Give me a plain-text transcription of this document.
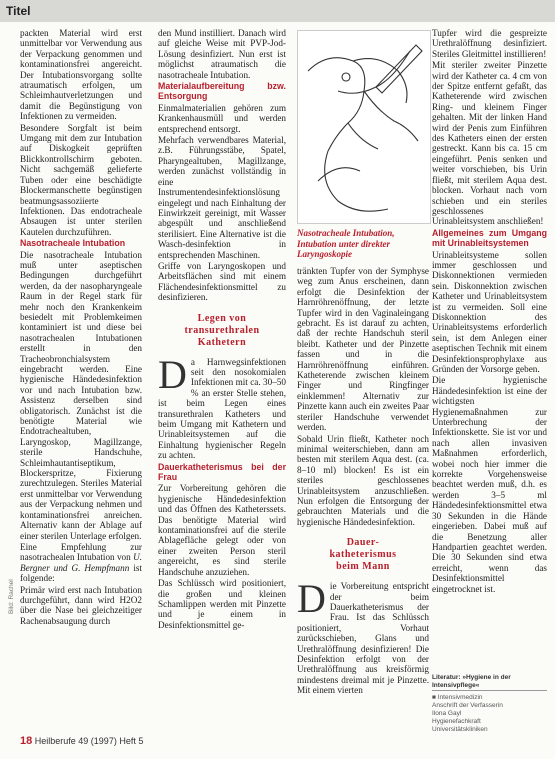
Titel

packten Material wird erst unmittelbar vor Verwendung aus der Verpackung genommen und kontaminationsfrei angereicht. Der Intubationsvorgang sollte atraumatisch erfolgen, um Schleimhautverletzungen und damit die Begünstigung von Infektionen zu vermeiden.

Besondere Sorgfalt ist beim Umgang mit dem zur Intubation auf Diskogkeit geprüften Blickkontrollschirm geboten. Nicht sachgemäß gelieferte Tuben oder eine beschädigte Blockermanschette begünstigen beatmungsassoziierte Infektionen. Das endotracheale Absaugen ist unter sterilen Kautelen durchzuführen.

Nasotracheale Intubation

Die nasotracheale Intubation muß unter aseptischen Bedingungen durchgeführt werden, da der nasopharyngeale Raum in der Regel stark für mehr noch den Krankenkeim besiedelt mit Problemkeimen kontaminiert ist und diese bei nasotrachealen Intubationen erstellt in den Tracheobronchialsystem eingebracht werden. Eine hygienische Händedesinfektion vor und nach Intubation bzw. Assistenz derselben sind obligatorisch. Zunächst ist die benötigte Material wie Endotrachealtuben, Laryngoskop, Magillzange, sterile Handschuhe, Schleimhautantiseptikum, Blockerspritze, Fixierung zurechtzulegen. Steriles Material erst unmittelbar vor Verwendung aus der Verpackung nehmen und kontaminationsfrei anreichen. Alternativ kann der Ablage auf einer sterilen Unterlage erfolgen.

Eine Empfehlung zur nasotrachealen Intubation von U. Bergner und G. Hempfmann ist folgende:

Primär wird erst nach Intubation durchgeführt, dann wird H2O2 über die Nase bei gleichzeitiger Rachenabsaugung durch

den Mund instilliert. Danach wird auf gleiche Weise mit PVP-Jod-Lösung desinfiziert. Nun erst ist möglichst atraumatisch die nasotracheale Intubation.

Materialaufbereitung bzw. Entsorgung

Einmalmaterialien gehören zum Krankenhausmüll und werden entsprechend entsorgt.

Mehrfach verwendbares Material, z.B. Führungsstäbe, Spatel, Pharyngealtuben, Magillzange, werden zunächst vollständig in eine Instrumentendesinfektionslösung eingelegt und nach Einhaltung der Einwirkzeit gereinigt, mit Wasser abgespült und anschließend sterilisiert. Eine Alternative ist die Wasch-desinfektion in entsprechenden Maschinen.

Griffe von Laryngoskopen und Arbeitsflächen sind mit einem Flächendesinfektionsmittel zu desinfizieren.

Legen von
transurethralen
Kathetern

Da Harnwegsinfektionen seit den nosokomialen Infektionen mit ca. 30–50 % an erster Stelle stehen, ist beim Legen eines transurethralen Katheters und beim Umgang mit Kathetern und Urinableitsystemen auf die Einhaltung hygienischer Regeln zu achten.

Dauerkatheterismus bei der Frau

Zur Vorbereitung gehören die hygienische Händedesinfektion und das Öffnen des Katheterssets. Das benötigte Material wird kontaminationsfrei auf die sterile Ablagefläche gelegt oder von einer zweiten Person steril angereicht, es sind sterile Handschuhe anzuziehen.

Das Schlüssch wird positioniert, die großen und kleinen Schamlippen werden mit Pinzette und je einem in Desinfektionsmittel ge-

Nasotracheale Intubation, Intubation unter direkter Laryngoskopie

tränkten Tupfer von der Symphyse weg zum Anus erscheinen, dann erfolgt die Desinfektion der Harnröhrenöffnung, der letzte Tupfer wird in den Vaginaleingang gebracht. Es ist darauf zu achten, daß der rechte Handschuh steril bleibt. Katheter und der Pinzette fassen und in die Harnröhrenöffnung einführen. Katheterende zwischen kleinem Finger und Ringfinger einklemmen! Alternativ zur Pinzette kann auch ein zweites Paar steriler Handschuhe verwendet werden.

Sobald Urin fließt, Katheter noch minimal weiterschieben, dann am besten mit sterilem Aqua dest. (ca. 8–10 ml) blocken! Es ist ein steriles geschlossenes Urinableitsystem anzuschließen. Nun erfolgen die Entsorgung der gebrauchten Materials und die hygienische Händedesinfektion.

Dauer-
katheterismus
beim Mann

Die Vorbereitung entspricht der beim Dauerkatheterismus der Frau. Ist das Schlüssch positioniert, Vorhaut zurückschieben, Glans und Urethralöffnung desinfizieren! Die Desinfektion erfolgt von der Urethralöffnung aus kreisförmig mindestens dreimal mit je Pinzette. Mit einem vierten

Tupfer wird die gespreizte Urethralöffnung desinfiziert. Steriles Gleitmittel instillieren!

Mit steriler zweiter Pinzette wird der Katheter ca. 4 cm von der Spitze entfernt gefaßt, das Katheterende wird zwischen Ring- und kleinem Finger gehalten. Mit der linken Hand wird der Penis zum Einführen des Katheters einen der ersten gestreckt. Kann bis ca. 15 cm eingeführt. Penis senken und weiter vorschieben, bis Urin fließt, mit sterilem Aqua dest. blocken. Vorhaut nach vorn schieben und ein steriles geschlossenes Urinableitsystem anschließen!

Allgemeines zum Umgang mit Urinableitsystemen

Urinableitsysteme sollen immer geschlossen und Diskonnektionen vermieden sein. Diskonnektion zwischen Katheter und Urinableitsystem ist zu vermeiden. Soll eine Diskonnektion des Urinableitsystems erforderlich sein, ist dem Anlegen einer aseptischen Technik mit einem Desinfektionsprophylaxe aus Gründen der Vorsorge geben.

Die hygienische Händedesinfektion ist eine der wichtigsten Hygienemaßnahmen zur Unterbrechung der Infektionskette. Sie ist vor und nach allen invasiven Maßnahmen erforderlich, wobei noch hier immer die korrekte Vorgehensweise beachtet werden muß, d.h. es werden 3–5 ml Händedesinfektionsmittel etwa 30 Sekunden in die Hände eingerieben. Dabei muß auf die Benetzung aller Handpartien geachtet werden. Die 30 Sekunden sind etwa erreicht, wenn das Desinfektionsmittel eingetrocknet ist.

Literatur: »Hygiene in der Intensivpflege«
■ Intensivmedizin
Anschrift der Verfasserin
Ilona Gayl
Hygienefachkraft
Universitätskliniken
Bild: Rachel
18 Heilberufe 49 (1997) Heft 5
